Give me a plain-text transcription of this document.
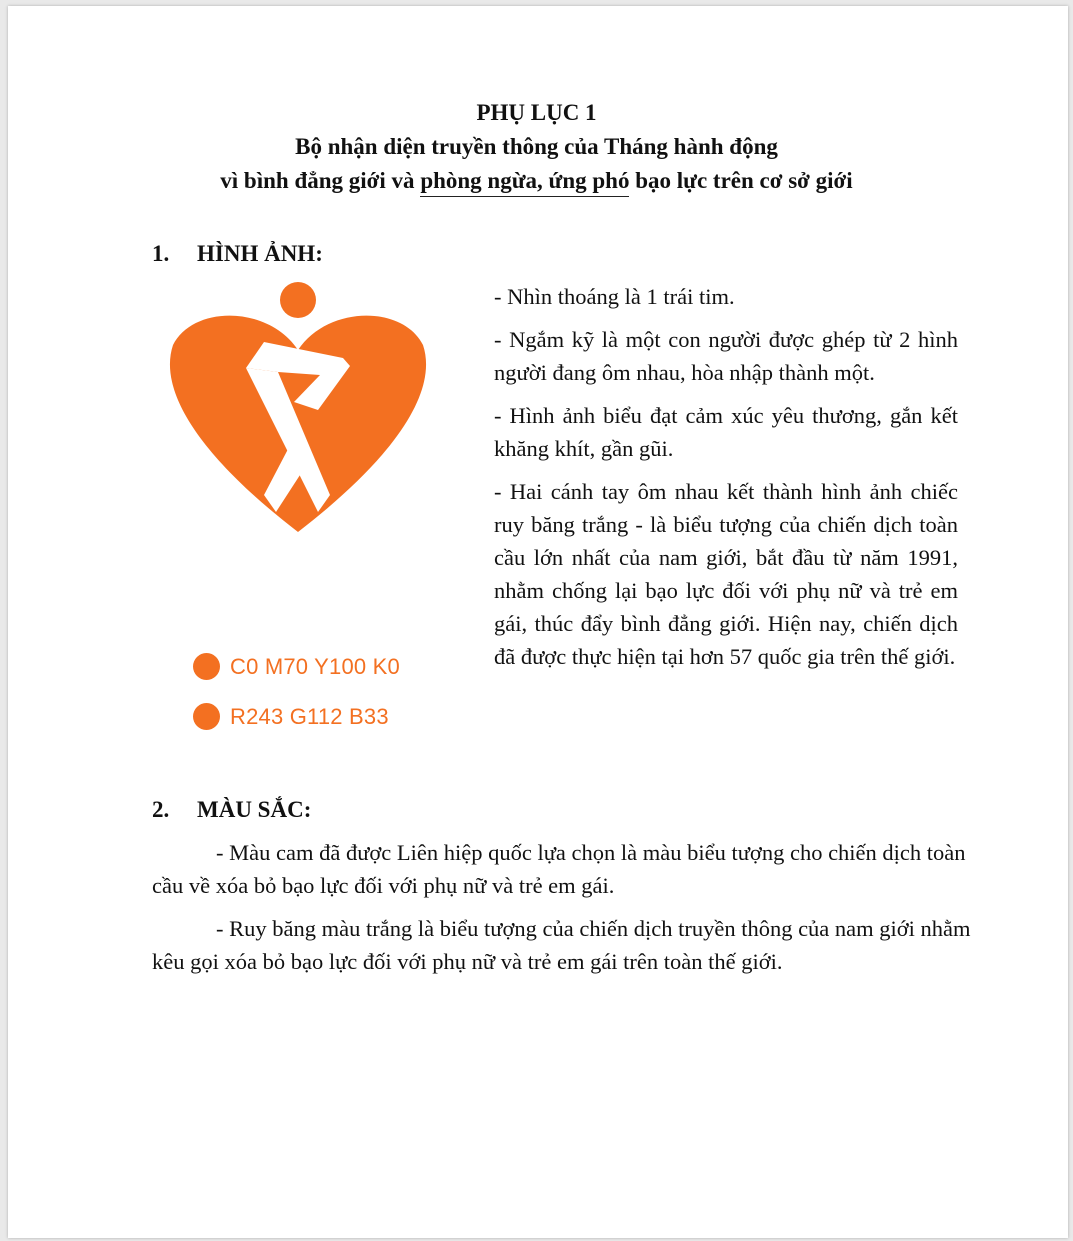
PHỤ LỤC 1
Bộ nhận diện truyền thông của Tháng hành động
vì bình đẳng giới và phòng ngừa, ứng phó bạo lực trên cơ sở giới
1. HÌNH ẢNH:
C0 M70 Y100 K0
R243 G112 B33

- Nhìn thoáng là 1 trái tim.

- Ngắm kỹ là một con người được ghép từ 2 hình người đang ôm nhau, hòa nhập thành một.

- Hình ảnh biểu đạt cảm xúc yêu thương, gắn kết khăng khít, gần gũi.

- Hai cánh tay ôm nhau kết thành hình ảnh chiếc ruy băng trắng - là biểu tượng của chiến dịch toàn cầu lớn nhất của nam giới, bắt đầu từ năm 1991, nhằm chống lại bạo lực đối với phụ nữ và trẻ em gái, thúc đẩy bình đẳng giới. Hiện nay, chiến dịch đã được thực hiện tại hơn 57 quốc gia trên thế giới.

2. MÀU SẮC:

- Màu cam đã được Liên hiệp quốc lựa chọn là màu biểu tượng cho chiến dịch toàn cầu về xóa bỏ bạo lực đối với phụ nữ và trẻ em gái.

- Ruy băng màu trắng là biểu tượng của chiến dịch truyền thông của nam giới nhằm kêu gọi xóa bỏ bạo lực đối với phụ nữ và trẻ em gái trên toàn thế giới.
